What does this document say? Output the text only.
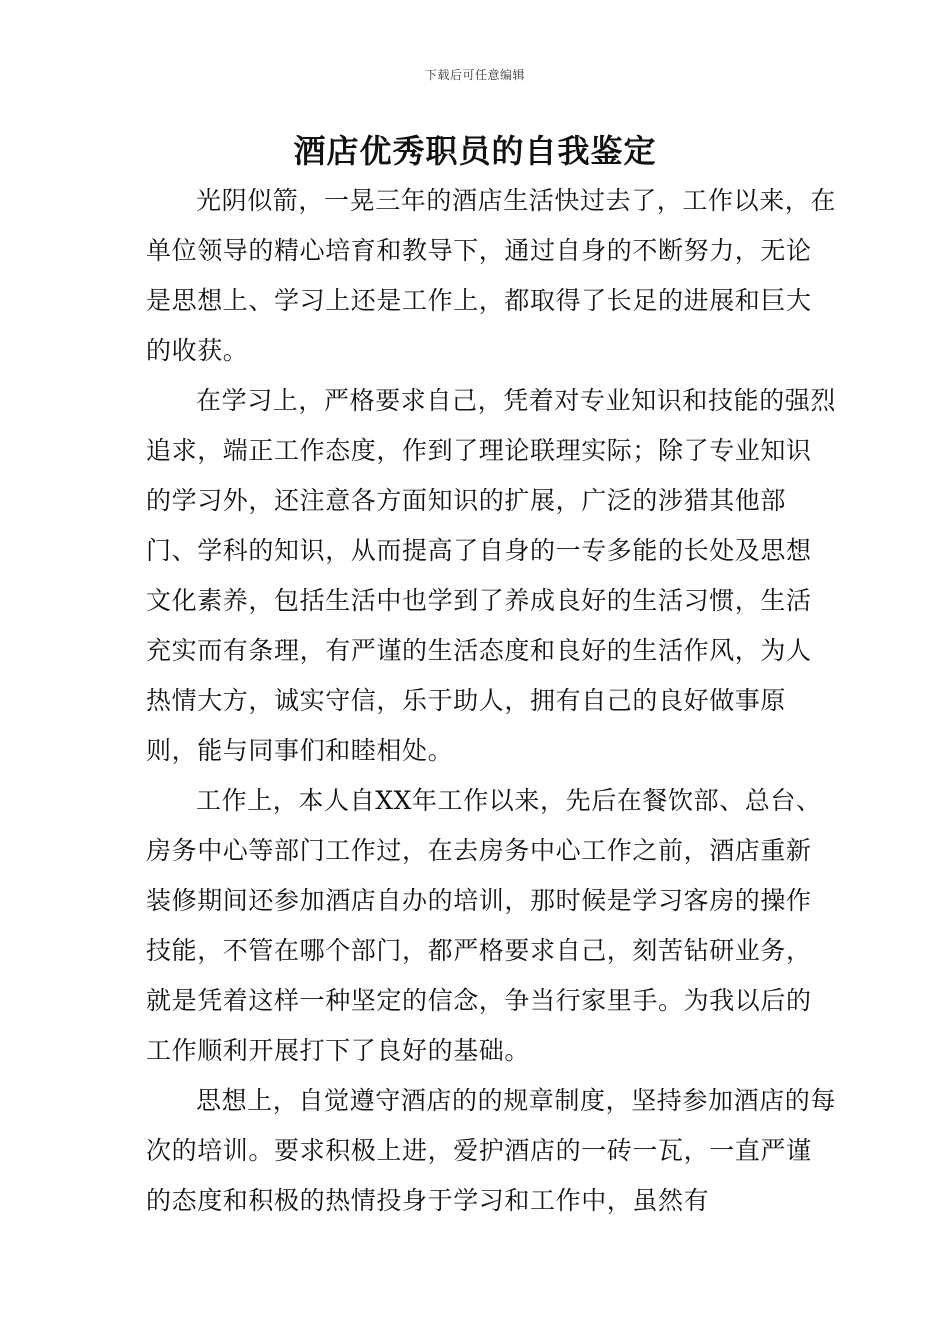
下载后可任意编辑
酒店优秀职员的自我鉴定

光阴似箭，一晃三年的酒店生活快过去了，工作以来，在单位领导的精心培育和教导下，通过自身的不断努力，无论是思想上、学习上还是工作上，都取得了长足的进展和巨大的收获。

在学习上，严格要求自己，凭着对专业知识和技能的强烈追求，端正工作态度，作到了理论联理实际；除了专业知识的学习外，还注意各方面知识的扩展，广泛的涉猎其他部门、学科的知识，从而提高了自身的一专多能的长处及思想文化素养，包括生活中也学到了养成良好的生活习惯，生活充实而有条理，有严谨的生活态度和良好的生活作风，为人热情大方，诚实守信，乐于助人，拥有自己的良好做事原则，能与同事们和睦相处。

工作上，本人自XX年工作以来，先后在餐饮部、总台、房务中心等部门工作过，在去房务中心工作之前，酒店重新装修期间还参加酒店自办的培训，那时候是学习客房的操作技能，不管在哪个部门，都严格要求自己，刻苦钻研业务，就是凭着这样一种坚定的信念，争当行家里手。为我以后的工作顺利开展打下了良好的基础。

思想上，自觉遵守酒店的的规章制度，坚持参加酒店的每次的培训。要求积极上进，爱护酒店的一砖一瓦，一直严谨的态度和积极的热情投身于学习和工作中，虽然有
